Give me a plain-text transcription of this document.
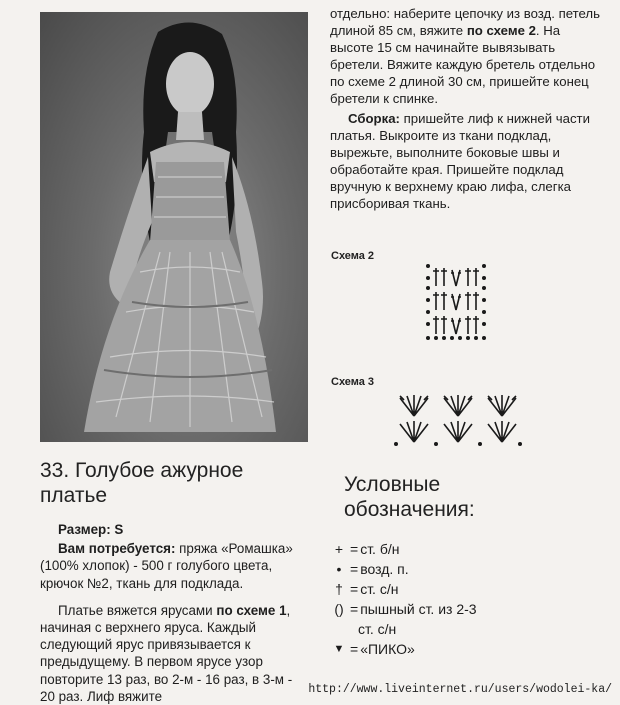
33. Голубое ажурное платье

Размер: S

Вам потребуется: пряжа «Ромашка» (100% хлопок) - 500 г голубого цвета, крючок №2, ткань для подклада.

Платье вяжется ярусами по схеме 1, начиная с верхнего яруса. Каждый следующий ярус привязывается к предыдущему. В первом ярусе узор повторите 13 раз, во 2-м - 16 раз, в 3-м - 20 раз. Лиф вяжите

отдельно: наберите цепочку из возд. петель длиной 85 см, вяжите по схеме 2. На высоте 15 см начинайте вывязывать бретели. Вяжите каждую бретель отдельно по схеме 2 длиной 30 см, пришейте конец бретели к спинке.

Сборка: пришейте лиф к нижней части платья. Выкроите из ткани подклад, вырежьте, выполните боковые швы и обработайте края. Пришейте подклад вручную к верхнему краю лифа, слегка присборивая ткань.

Схема 2
Схема 3
Условные обозначения:
+ = ст. б/н
• = возд. п.
† = ст. с/н
() = пышный ст. из 2-3
ст. с/н
▼ = «ПИКО»
http://www.liveinternet.ru/users/wodolei-ka/
